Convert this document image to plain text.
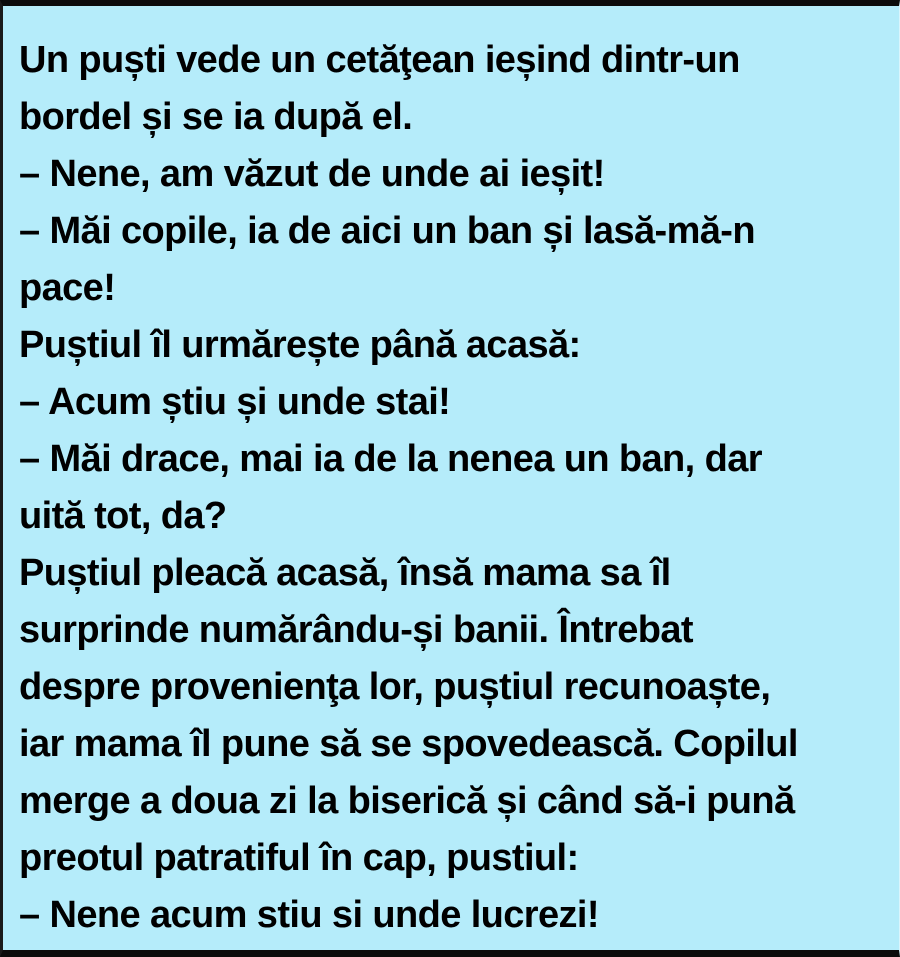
Un puști vede un cetăţean ieșind dintr-un
bordel și se ia după el.
– Nene, am văzut de unde ai ieșit!
– Măi copile, ia de aici un ban și lasă-mă-n
pace!
Puștiul îl urmărește până acasă:
– Acum știu și unde stai!
– Măi drace, mai ia de la nenea un ban, dar
uită tot, da?
Puștiul pleacă acasă, însă mama sa îl
surprinde numărându-și banii. Întrebat
despre provenienţa lor, puștiul recunoaște,
iar mama îl pune să se spovedească. Copilul
merge a doua zi la biserică și când să-i pună
preotul patratiful în cap, pustiul:
– Nene acum stiu si unde lucrezi!
